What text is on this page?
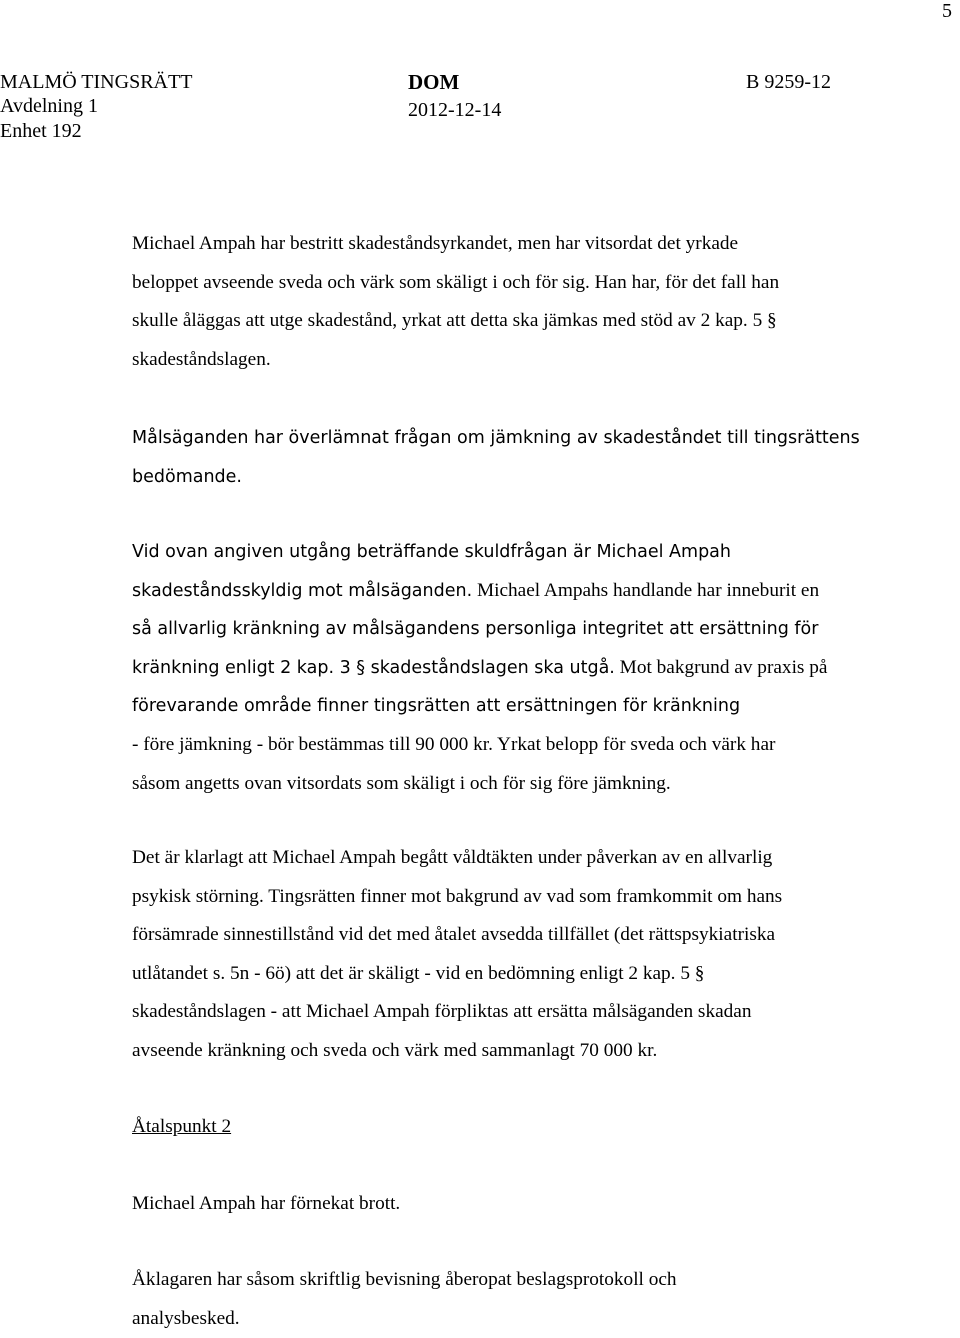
5
MALMÖ TINGSRÄTT
Avdelning 1
Enhet 192
DOM
2012-12-14
B 9259-12
Michael Ampah har bestritt skadeståndsyrkandet, men har vitsordat det yrkade
beloppet avseende sveda och värk som skäligt i och för sig. Han har, för det fall han
skulle åläggas att utge skadestånd, yrkat att detta ska jämkas med stöd av 2 kap. 5 §
skadeståndslagen.
Målsäganden har överlämnat frågan om jämkning av skadeståndet till tingsrättens
bedömande.
Vid ovan angiven utgång beträffande skuldfrågan är Michael Ampah
skadeståndsskyldig mot målsäganden. Michael Ampahs handlande har inneburit en
så allvarlig kränkning av målsägandens personliga integritet att ersättning för
kränkning enligt 2 kap. 3 § skadeståndslagen ska utgå. Mot bakgrund av praxis på
förevarande område finner tingsrätten att ersättningen för kränkning
- före jämkning - bör bestämmas till 90 000 kr. Yrkat belopp för sveda och värk har
såsom angetts ovan vitsordats som skäligt i och för sig före jämkning.
Det är klarlagt att Michael Ampah begått våldtäkten under påverkan av en allvarlig
psykisk störning. Tingsrätten finner mot bakgrund av vad som framkommit om hans
försämrade sinnestillstånd vid det med åtalet avsedda tillfället (det rättspsykiatriska
utlåtandet s. 5n - 6ö) att det är skäligt - vid en bedömning enligt 2 kap. 5 §
skadeståndslagen - att Michael Ampah förpliktas att ersätta målsäganden skadan
avseende kränkning och sveda och värk med sammanlagt 70 000 kr.
Åtalspunkt 2
Michael Ampah har förnekat brott.
Åklagaren har såsom skriftlig bevisning åberopat beslagsprotokoll och
analysbesked.
